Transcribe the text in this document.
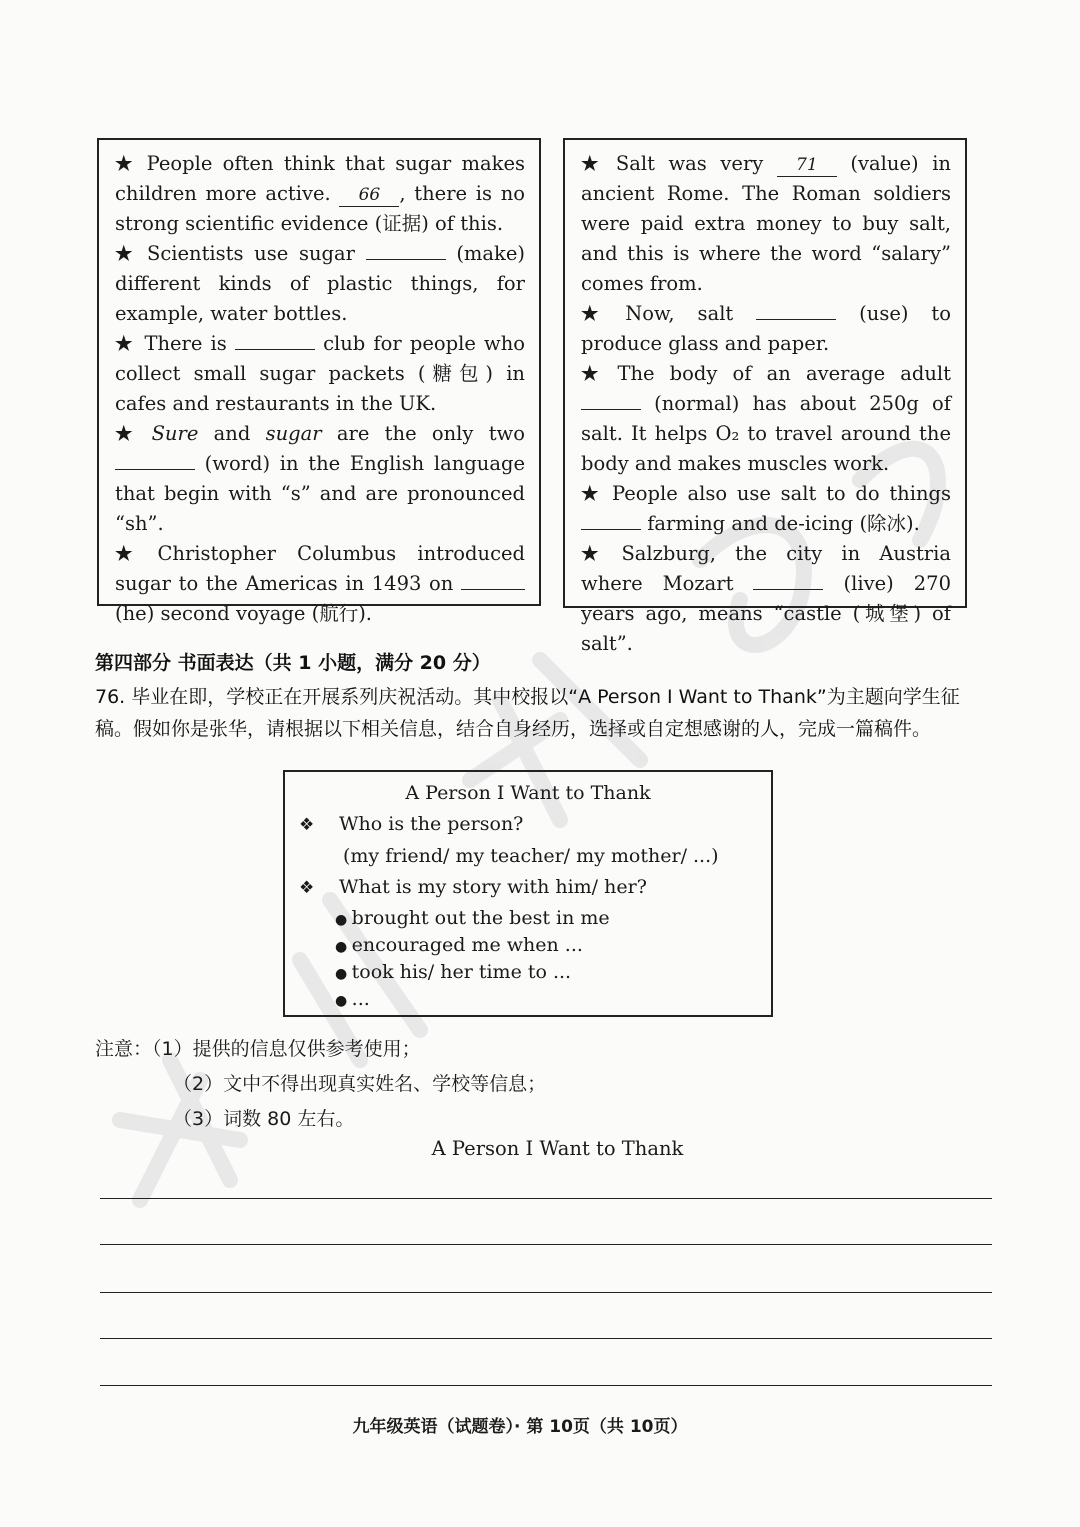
★ People often think that sugar makes children more active. 66 , there is no strong scientific evidence (证据) of this.
★ Scientists use sugar	(make) different kinds of plastic things, for example, water bottles.
★ There is	club for people who collect small sugar packets (糖包) in cafes and restaurants in the UK.
★ Sure and sugar are the only two  (word) in the English language that begin with “s” and are pronounced “sh”.
★ Christopher Columbus introduced sugar to the Americas in 1493 on  (he) second voyage (航行).
★ Salt was very 71 (value) in ancient Rome. The Roman soldiers were paid extra money to buy salt, and this is where the word “salary” comes from.
★ Now, salt	(use) to produce glass and paper.
★ The body of an average adult  (normal) has about 250g of salt. It helps O₂ to travel around the body and makes muscles work.
★ People also use salt to do things  farming and de-icing (除冰).
★ Salzburg, the city in Austria where Mozart	(live) 270 years ago, means “castle (城堡) of salt”.
第四部分 书面表达（共 1 小题，满分 20 分）
76. 毕业在即，学校正在开展系列庆祝活动。其中校报以“A Person I Want to Thank”为主题向学生征稿。假如你是张华，请根据以下相关信息，结合自身经历，选择或自定想感谢的人，完成一篇稿件。
A Person I Want to Thank
❖ Who is the person?
(my friend/ my teacher/ my mother/ ...)
❖ What is my story with him/ her?
● brought out the best in me
● encouraged me when ...
● took his/ her time to ...
● ...
注意：（1）提供的信息仅供参考使用；
（2）文中不得出现真实姓名、学校等信息；
（3）词数 80 左右。
A Person I Want to Thank
九年级英语（试题卷）· 第 10页（共 10页）
